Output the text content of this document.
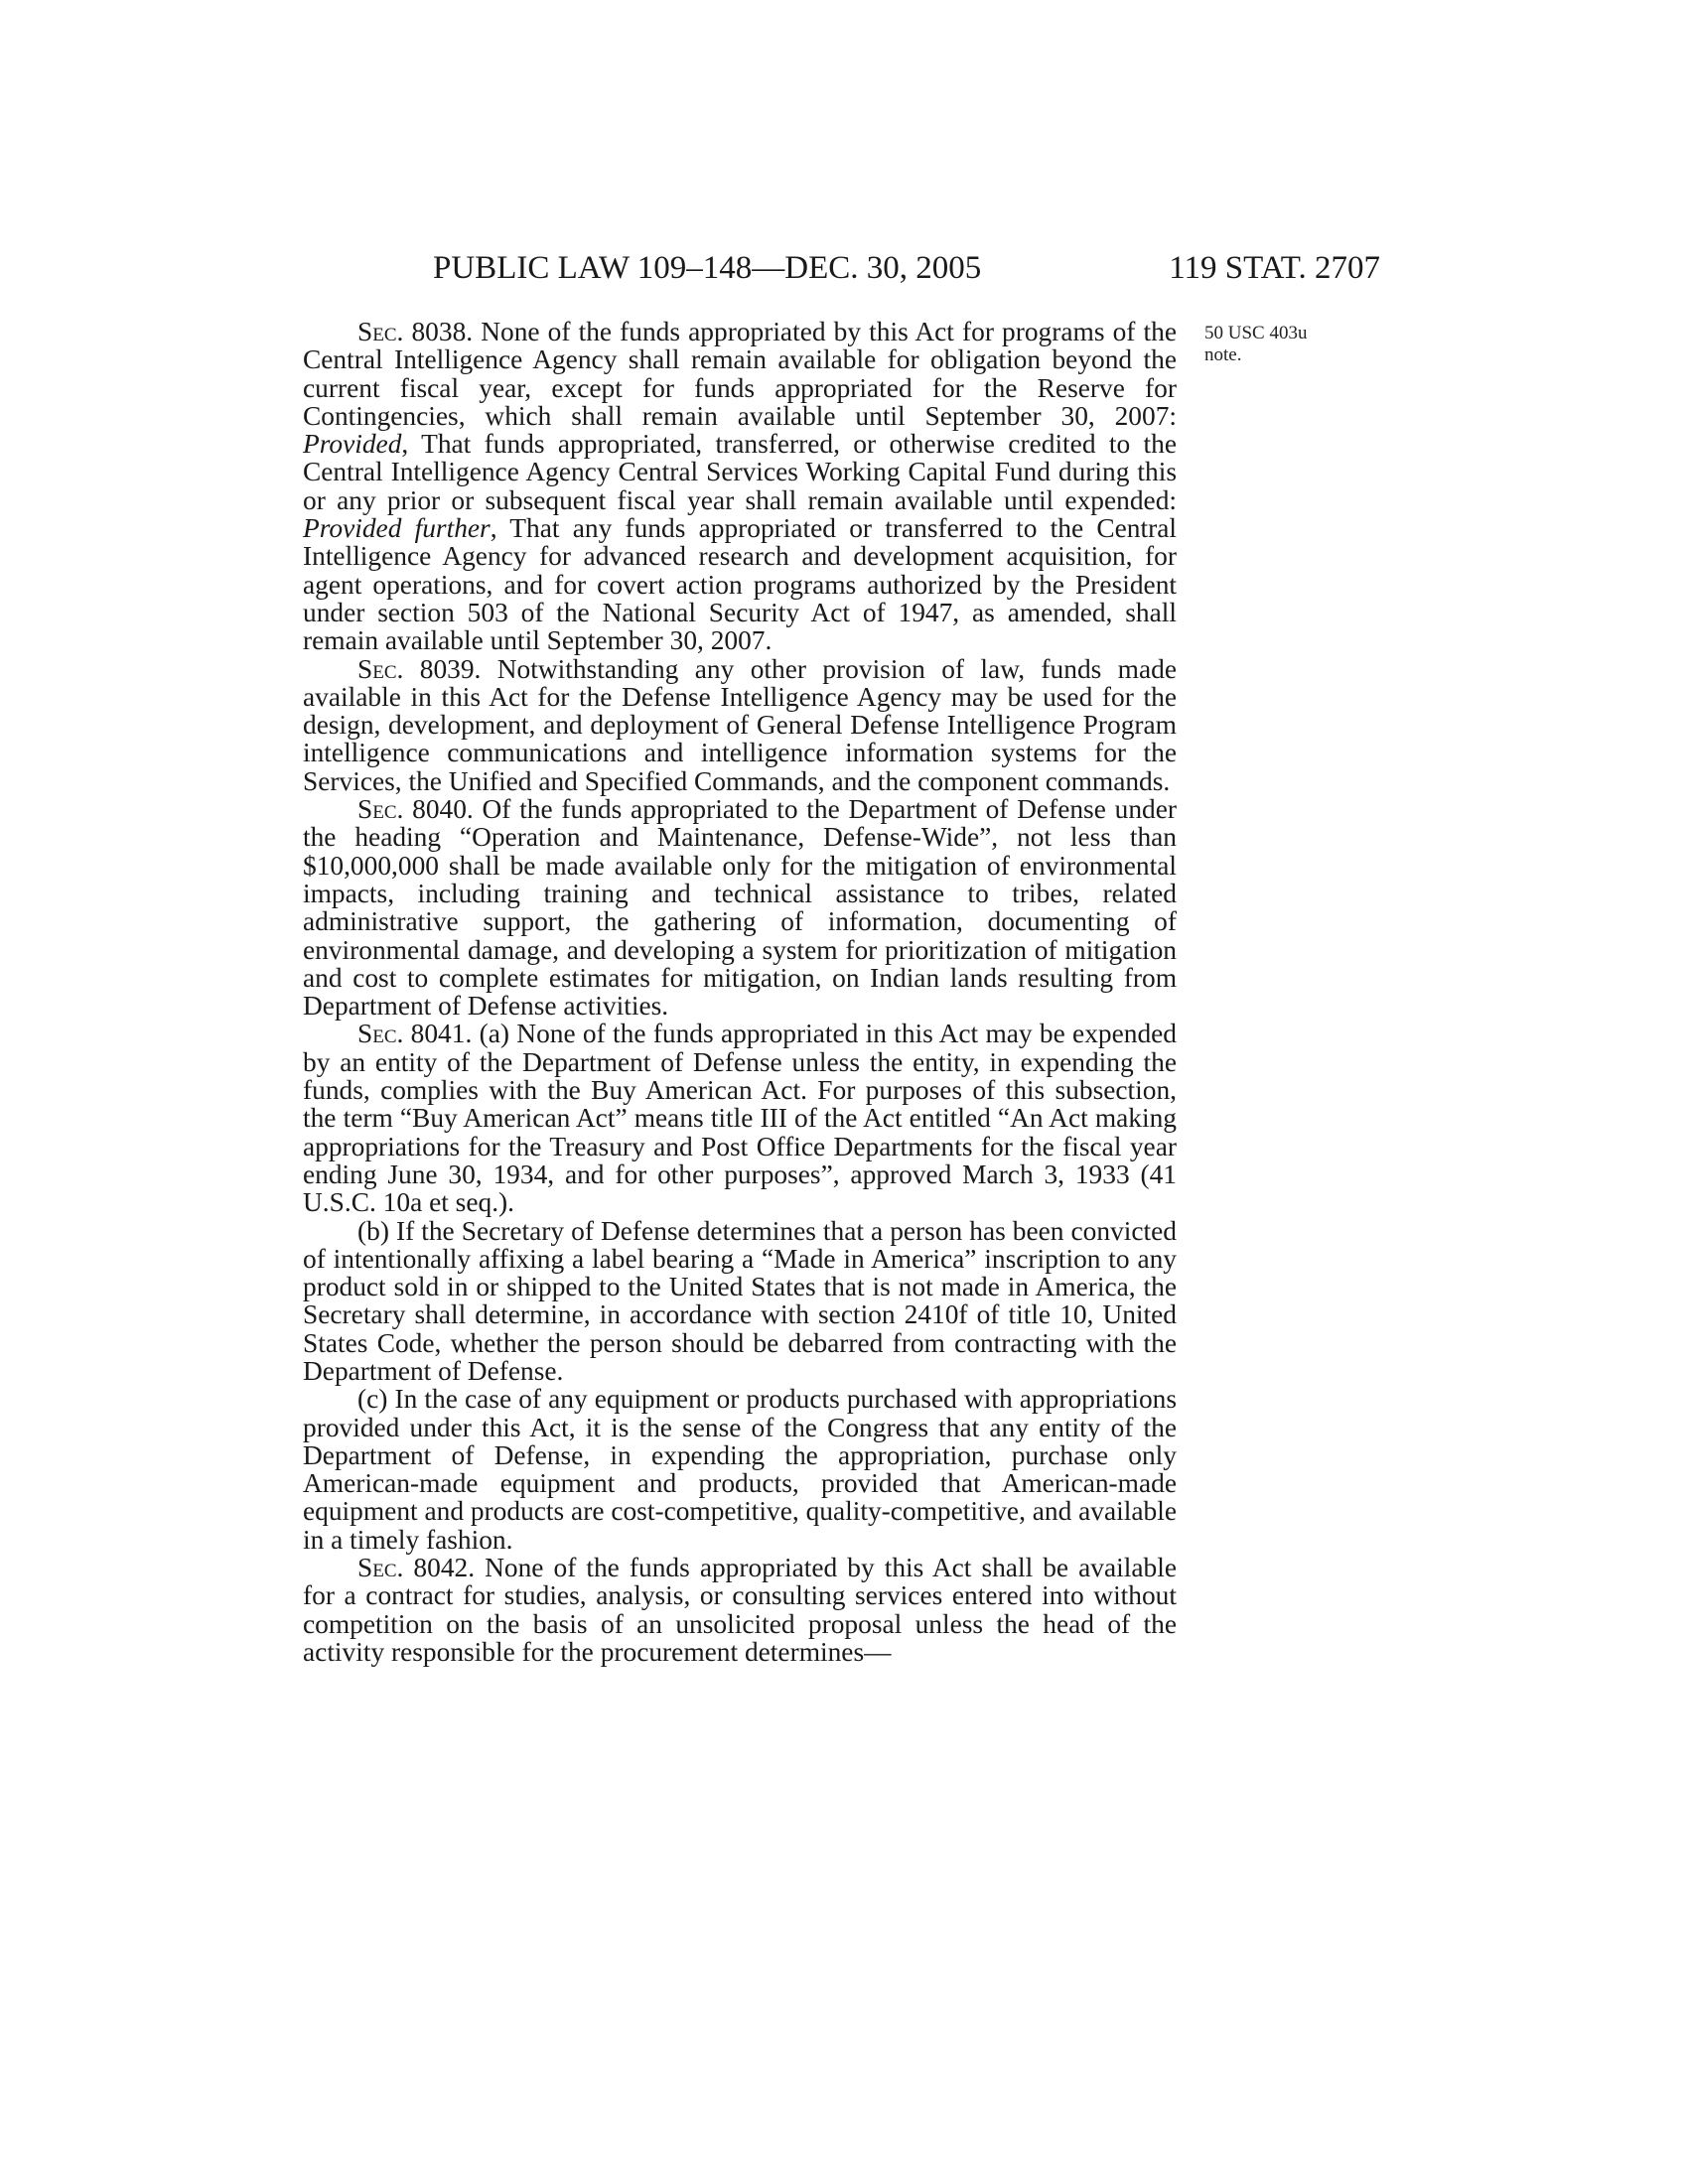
PUBLIC LAW 109–148—DEC. 30, 2005	119 STAT. 2707
50 USC 403u
note.

Sec. 8038. None of the funds appropriated by this Act for programs of the Central Intelligence Agency shall remain available for obligation beyond the current fiscal year, except for funds appropriated for the Reserve for Contingencies, which shall remain available until September 30, 2007: Provided, That funds appropriated, transferred, or otherwise credited to the Central Intelligence Agency Central Services Working Capital Fund during this or any prior or subsequent fiscal year shall remain available until expended: Provided further, That any funds appropriated or transferred to the Central Intelligence Agency for advanced research and development acquisition, for agent operations, and for covert action programs authorized by the President under section 503 of the National Security Act of 1947, as amended, shall remain available until September 30, 2007.

Sec. 8039. Notwithstanding any other provision of law, funds made available in this Act for the Defense Intelligence Agency may be used for the design, development, and deployment of General Defense Intelligence Program intelligence communications and intelligence information systems for the Services, the Unified and Specified Commands, and the component commands.

Sec. 8040. Of the funds appropriated to the Department of Defense under the heading “Operation and Maintenance, Defense-Wide”, not less than $10,000,000 shall be made available only for the mitigation of environmental impacts, including training and technical assistance to tribes, related administrative support, the gathering of information, documenting of environmental damage, and developing a system for prioritization of mitigation and cost to complete estimates for mitigation, on Indian lands resulting from Department of Defense activities.

Sec. 8041. (a) None of the funds appropriated in this Act may be expended by an entity of the Department of Defense unless the entity, in expending the funds, complies with the Buy American Act. For purposes of this subsection, the term “Buy American Act” means title III of the Act entitled “An Act making appropriations for the Treasury and Post Office Departments for the fiscal year ending June 30, 1934, and for other purposes”, approved March 3, 1933 (41 U.S.C. 10a et seq.).

(b) If the Secretary of Defense determines that a person has been convicted of intentionally affixing a label bearing a “Made in America” inscription to any product sold in or shipped to the United States that is not made in America, the Secretary shall determine, in accordance with section 2410f of title 10, United States Code, whether the person should be debarred from contracting with the Department of Defense.

(c) In the case of any equipment or products purchased with appropriations provided under this Act, it is the sense of the Congress that any entity of the Department of Defense, in expending the appropriation, purchase only American-made equipment and products, provided that American-made equipment and products are cost-competitive, quality-competitive, and available in a timely fashion.

Sec. 8042. None of the funds appropriated by this Act shall be available for a contract for studies, analysis, or consulting services entered into without competition on the basis of an unsolicited proposal unless the head of the activity responsible for the procurement determines—
